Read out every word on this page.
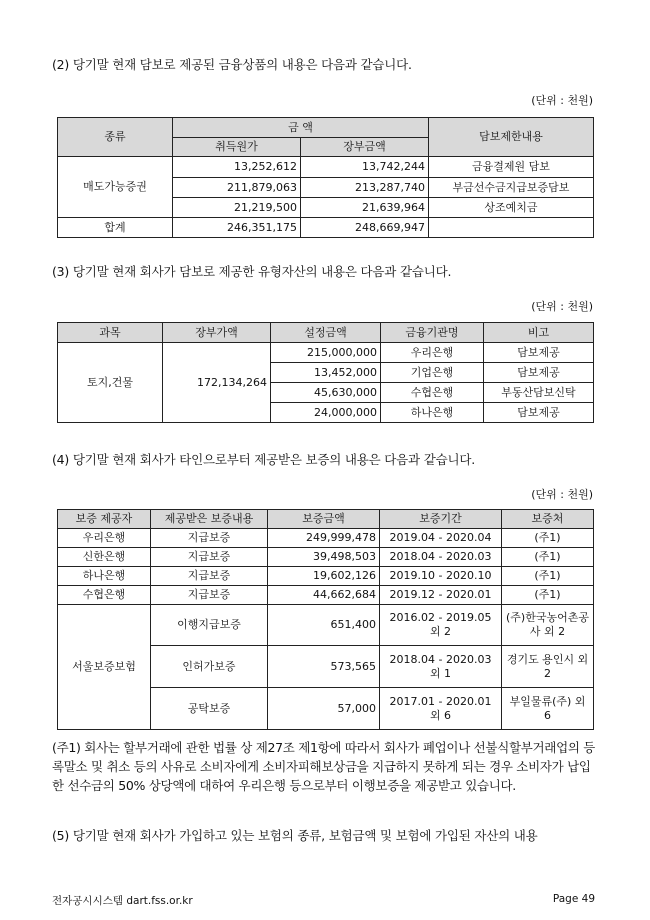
(2) 당기말 현재 담보로 제공된 금융상품의 내용은 다음과 같습니다.
(단위 : 천원)
종류	금 액		담보제한내용
	취득원가	장부금액	
매도가능증권	13,252,612	13,742,244	금융결제원 담보
	211,879,063	213,287,740	부금선수금지급보증담보
	21,219,500	21,639,964	상조예치금
합계	246,351,175	248,669,947	
(3) 당기말 현재 회사가 담보로 제공한 유형자산의 내용은 다음과 같습니다.
(단위 : 천원)
과목	장부가액	설정금액	금융기관명	비고
토지,건물	172,134,264	215,000,000	우리은행	담보제공
		13,452,000	기업은행	담보제공
		45,630,000	수협은행	부동산담보신탁
		24,000,000	하나은행	담보제공
(4) 당기말 현재 회사가 타인으로부터 제공받은 보증의 내용은 다음과 같습니다.
(단위 : 천원)
보증 제공자	제공받은 보증내용	보증금액	보증기간	보증처
우리은행	지급보증	249,999,478	2019.04 - 2020.04	(주1)
신한은행	지급보증	39,498,503	2018.04 - 2020.03	(주1)
하나은행	지급보증	19,602,126	2019.10 - 2020.10	(주1)
수협은행	지급보증	44,662,684	2019.12 - 2020.01	(주1)
서울보증보험	이행지급보증	651,400	2016.02 - 2019.05 외 2	(주)한국농어촌공사 외 2
	인허가보증	573,565	2018.04 - 2020.03 외 1	경기도 용인시 외 2
	공탁보증	57,000	2017.01 - 2020.01 외 6	부일물류(주) 외 6
(주1) 회사는 할부거래에 관한 법률 상 제27조 제1항에 따라서 회사가 폐업이나 선불식할부거래업의 등록말소 및 취소 등의 사유로 소비자에게 소비자피해보상금을 지급하지 못하게 되는 경우 소비자가 납입한 선수금의 50% 상당액에 대하여 우리은행 등으로부터 이행보증을 제공받고 있습니다.
(5) 당기말 현재 회사가 가입하고 있는 보험의 종류, 보험금액 및 보험에 가입된 자산의 내용
전자공시시스템 dart.fss.or.kr	Page 49
